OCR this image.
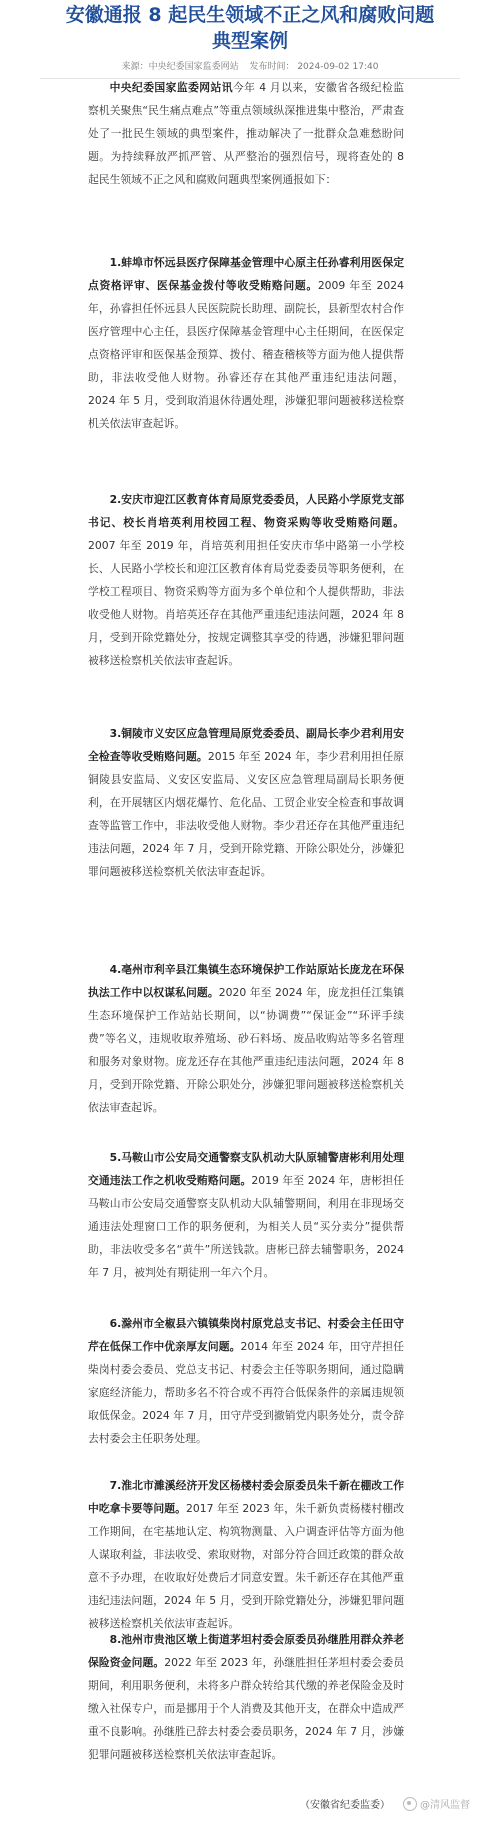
安徽通报 8 起民生领域不正之风和腐败问题
典型案例
来源：中央纪委国家监委网站 发布时间： 2024-09-02 17:40

中央纪委国家监委网站讯今年 4 月以来，安徽省各级纪检监察机关聚焦“民生痛点难点”等重点领域纵深推进集中整治，严肃查处了一批民生领域的典型案件，推动解决了一批群众急难愁盼问题。为持续释放严抓严管、从严整治的强烈信号，现将查处的 8 起民生领域不正之风和腐败问题典型案例通报如下：

1.蚌埠市怀远县医疗保障基金管理中心原主任孙睿利用医保定点资格评审、医保基金拨付等收受贿赂问题。2009 年至 2024 年，孙睿担任怀远县人民医院院长助理、副院长，县新型农村合作医疗管理中心主任，县医疗保障基金管理中心主任期间，在医保定点资格评审和医保基金预算、拨付、稽查稽核等方面为他人提供帮助，非法收受他人财物。孙睿还存在其他严重违纪违法问题，2024 年 5 月，受到取消退休待遇处理，涉嫌犯罪问题被移送检察机关依法审查起诉。

2.安庆市迎江区教育体育局原党委委员，人民路小学原党支部书记、校长肖培英利用校园工程、物资采购等收受贿赂问题。2007 年至 2019 年，肖培英利用担任安庆市华中路第一小学校长、人民路小学校长和迎江区教育体育局党委委员等职务便利，在学校工程项目、物资采购等方面为多个单位和个人提供帮助，非法收受他人财物。肖培英还存在其他严重违纪违法问题，2024 年 8 月，受到开除党籍处分，按规定调整其享受的待遇，涉嫌犯罪问题被移送检察机关依法审查起诉。

3.铜陵市义安区应急管理局原党委委员、副局长李少君利用安全检查等收受贿赂问题。2015 年至 2024 年，李少君利用担任原铜陵县安监局、义安区安监局、义安区应急管理局副局长职务便利，在开展辖区内烟花爆竹、危化品、工贸企业安全检查和事故调查等监管工作中，非法收受他人财物。李少君还存在其他严重违纪违法问题，2024 年 7 月，受到开除党籍、开除公职处分，涉嫌犯罪问题被移送检察机关依法审查起诉。

4.亳州市利辛县江集镇生态环境保护工作站原站长庞龙在环保执法工作中以权谋私问题。2020 年至 2024 年，庞龙担任江集镇生态环境保护工作站站长期间，以“协调费”“保证金”“环评手续费”等名义，违规收取养殖场、砂石料场、废品收购站等多名管理和服务对象财物。庞龙还存在其他严重违纪违法问题，2024 年 8 月，受到开除党籍、开除公职处分，涉嫌犯罪问题被移送检察机关依法审查起诉。

5.马鞍山市公安局交通警察支队机动大队原辅警唐彬利用处理交通违法工作之机收受贿赂问题。2019 年至 2024 年，唐彬担任马鞍山市公安局交通警察支队机动大队辅警期间，利用在非现场交通违法处理窗口工作的职务便利，为相关人员“买分卖分”提供帮助，非法收受多名“黄牛”所送钱款。唐彬已辞去辅警职务，2024 年 7 月，被判处有期徒刑一年六个月。

6.滁州市全椒县六镇镇柴岗村原党总支书记、村委会主任田守芹在低保工作中优亲厚友问题。2014 年至 2024 年，田守芹担任柴岗村委会委员、党总支书记、村委会主任等职务期间，通过隐瞒家庭经济能力，帮助多名不符合或不再符合低保条件的亲属违规领取低保金。2024 年 7 月，田守芹受到撤销党内职务处分，责令辞去村委会主任职务处理。

7.淮北市濉溪经济开发区杨楼村委会原委员朱千新在棚改工作中吃拿卡要等问题。2017 年至 2023 年，朱千新负责杨楼村棚改工作期间，在宅基地认定、构筑物测量、入户调查评估等方面为他人谋取利益，非法收受、索取财物，对部分符合回迁政策的群众故意不予办理，在收取好处费后才同意安置。朱千新还存在其他严重违纪违法问题，2024 年 5 月，受到开除党籍处分，涉嫌犯罪问题被移送检察机关依法审查起诉。

8.池州市贵池区墩上街道茅坦村委会原委员孙继胜用群众养老保险资金问题。2022 年至 2023 年，孙继胜担任茅坦村委会委员期间，利用职务便利，未将多户群众转给其代缴的养老保险金及时缴入社保专户，而是挪用于个人消费及其他开支，在群众中造成严重不良影响。孙继胜已辞去村委会委员职务，2024 年 7 月，涉嫌犯罪问题被移送检察机关依法审查起诉。

（安徽省纪委监委）	@清风监督
